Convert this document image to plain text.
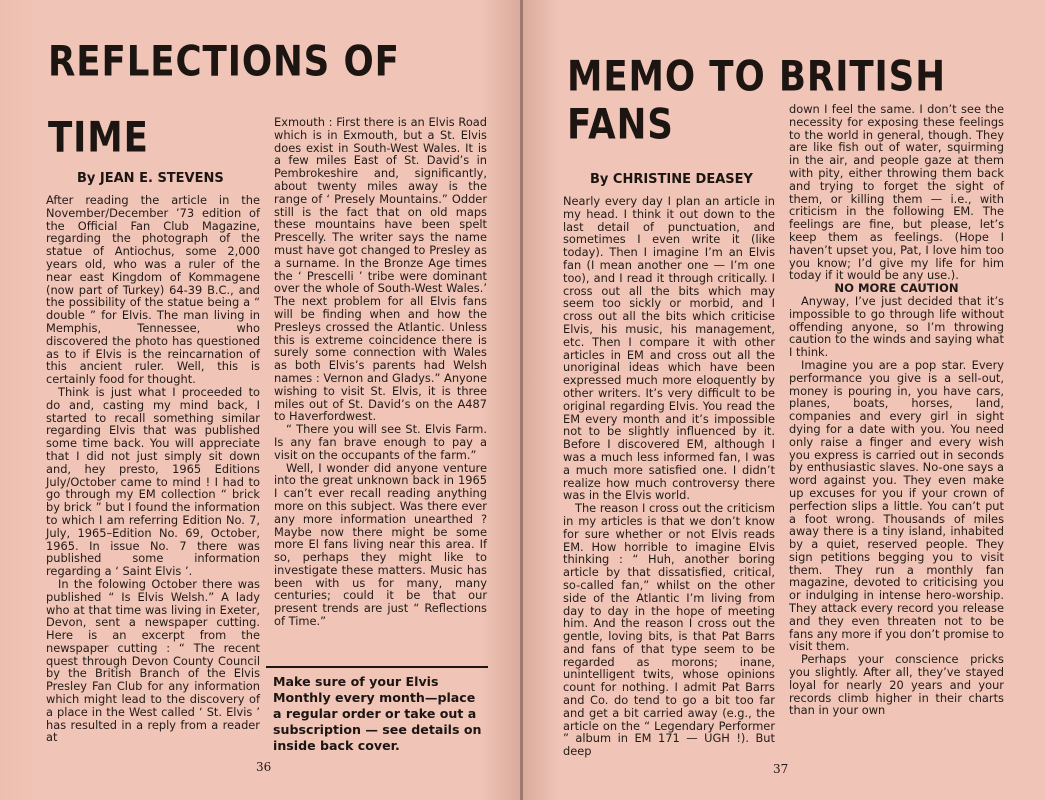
REFLECTIONS OF
TIME

By JEAN E. STEVENS

After reading the article in the November/December ’73 edition of the Official Fan Club Magazine, regarding the photograph of the statue of Antiochus, some 2,000 years old, who was a ruler of the near east Kingdom of Kommagene (now part of Turkey) 64-39 B.C., and the possibility of the statue being a “ double ” for Elvis. The man living in Memphis, Tennessee, who discovered the photo has questioned as to if Elvis is the reincarnation of this ancient ruler. Well, this is certainly food for thought.

Think is just what I proceeded to do and, casting my mind back, I started to recall something similar regarding Elvis that was published some time back. You will appreciate that I did not just simply sit down and, hey presto, 1965 Editions July/October came to mind ! I had to go through my EM collection “ brick by brick ” but I found the information to which I am referring Edition No. 7, July, 1965–Edition No. 69, October, 1965. In issue No. 7 there was published some information regarding a ‘ Saint Elvis ’.

In the folowing October there was published “ Is Elvis Welsh.” A lady who at that time was living in Exeter, Devon, sent a newspaper cutting. Here is an excerpt from the newspaper cutting : “ The recent quest through Devon County Council by the British Branch of the Elvis Presley Fan Club for any information which might lead to the discovery of a place in the West called ‘ St. Elvis ’ has resulted in a reply from a reader at

Exmouth : First there is an Elvis Road which is in Exmouth, but a St. Elvis does exist in South-West Wales. It is a few miles East of St. David’s in Pembrokeshire and, significantly, about twenty miles away is the range of ‘ Presely Mountains.” Odder still is the fact that on old maps these mountains have been spelt Prescelly. The writer says the name must have got changed to Presley as a surname. In the Bronze Age times the ‘ Prescelli ’ tribe were dominant over the whole of South-West Wales.’ The next problem for all Elvis fans will be finding when and how the Presleys crossed the Atlantic. Unless this is extreme coincidence there is surely some connection with Wales as both Elvis’s parents had Welsh names : Vernon and Gladys.” Anyone wishing to visit St. Elvis, it is three miles out of St. David’s on the A487 to Haverfordwest.

“ There you will see St. Elvis Farm. Is any fan brave enough to pay a visit on the occupants of the farm.”

Well, I wonder did anyone venture into the great unknown back in 1965 I can’t ever recall reading anything more on this subject. Was there ever any more information unearthed ? Maybe now there might be some more El fans living near this area. If so, perhaps they might like to investigate these matters. Music has been with us for many, many centuries; could it be that our present trends are just “ Reflections of Time.”

Make sure of your Elvis Monthly every month—place a regular order or take out a subscription — see details on inside back cover.

36
MEMO TO BRITISH
FANS

By CHRISTINE DEASEY

Nearly every day I plan an article in my head. I think it out down to the last detail of punctuation, and sometimes I even write it (like today). Then I imagine I’m an Elvis fan (I mean another one — I’m one too), and I read it through critically. I cross out all the bits which may seem too sickly or morbid, and I cross out all the bits which criticise Elvis, his music, his management, etc. Then I compare it with other articles in EM and cross out all the unoriginal ideas which have been expressed much more eloquently by other writers. It’s very difficult to be original regarding Elvis. You read the EM every month and it’s impossible not to be slightly influenced by it. Before I discovered EM, although I was a much less informed fan, I was a much more satisfied one. I didn’t realize how much controversy there was in the Elvis world.

The reason I cross out the criticism in my articles is that we don’t know for sure whether or not Elvis reads EM. How horrible to imagine Elvis thinking : “ Huh, another boring article by that dissatisfied, critical, so-called fan,” whilst on the other side of the Atlantic I’m living from day to day in the hope of meeting him. And the reason I cross out the gentle, loving bits, is that Pat Barrs and fans of that type seem to be regarded as morons; inane, unintelligent twits, whose opinions count for nothing. I admit Pat Barrs and Co. do tend to go a bit too far and get a bit carried away (e.g., the article on the “ Legendary Performer ” album in EM 171 — UGH !). But deep

down I feel the same. I don’t see the necessity for exposing these feelings to the world in general, though. They are like fish out of water, squirming in the air, and people gaze at them with pity, either throwing them back and trying to forget the sight of them, or killing them — i.e., with criticism in the following EM. The feelings are fine, but please, let’s keep them as feelings. (Hope I haven’t upset you, Pat, I love him too you know; I’d give my life for him today if it would be any use.).

NO MORE CAUTION

Anyway, I’ve just decided that it’s impossible to go through life without offending anyone, so I’m throwing caution to the winds and saying what I think.

Imagine you are a pop star. Every performance you give is a sell-out, money is pouring in, you have cars, planes, boats, horses, land, companies and every girl in sight dying for a date with you. You need only raise a finger and every wish you express is carried out in seconds by enthusiastic slaves. No-one says a word against you. They even make up excuses for you if your crown of perfection slips a little. You can’t put a foot wrong. Thousands of miles away there is a tiny island, inhabited by a quiet, reserved people. They sign petitions begging you to visit them. They run a monthly fan magazine, devoted to criticising you or indulging in intense hero-worship. They attack every record you release and they even threaten not to be fans any more if you don’t promise to visit them.

Perhaps your conscience pricks you slightly. After all, they’ve stayed loyal for nearly 20 years and your records climb higher in their charts than in your own

37
